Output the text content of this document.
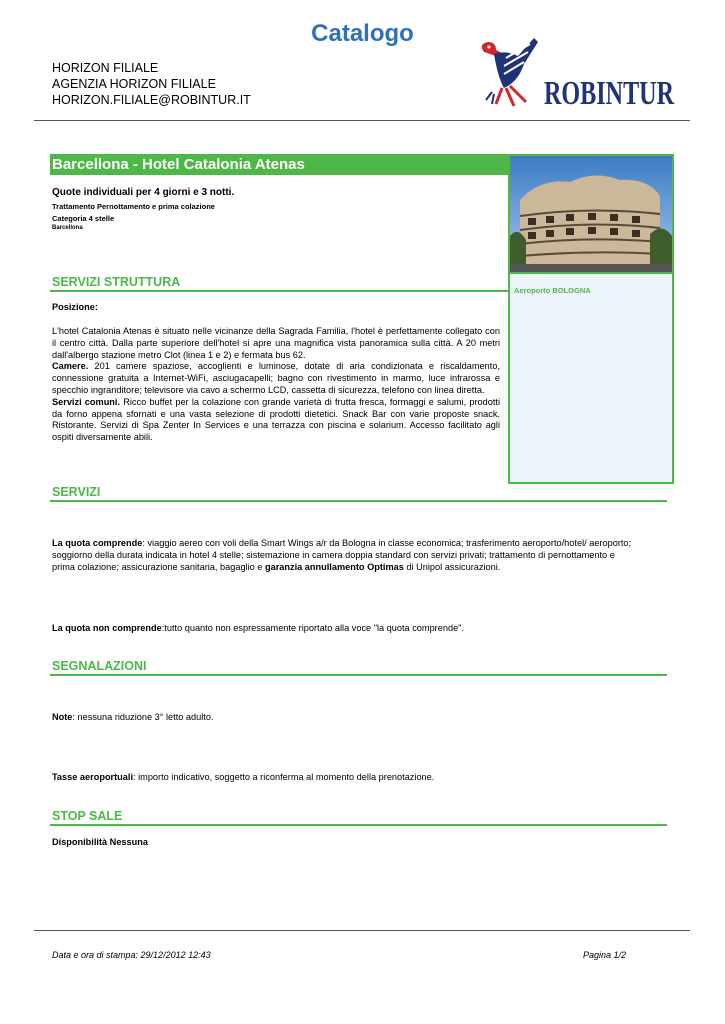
Catalogo
HORIZON FILIALE
AGENZIA HORIZON FILIALE
HORIZON.FILIALE@ROBINTUR.IT	ROBINTUR
Barcellona - Hotel Catalonia Atenas
Aeroporto BOLOGNA
Quote individuali per 4 giorni e 3 notti.
Trattamento Pernottamento e prima colazione
Categoria 4 stelle
Barcellona
SERVIZI STRUTTURA
Posizione:
L'hotel Catalonia Atenas è situato nelle vicinanze della Sagrada Familia, l'hotel è perfettamente collegato con il centro città. Dalla parte superiore dell'hotel si apre una magnifica vista panoramica sulla città. A 20 metri dall'albergo stazione metro Clot (linea 1 e 2) e fermata bus 62.
Camere. 201 camere spaziose, accoglienti e luminose, dotate di aria condizionata e riscaldamento, connessione gratuita a Internet-WiFi, asciugacapelli; bagno con rivestimento in marmo, luce infrarossa e specchio ingranditore; televisore via cavo a schermo LCD, cassetta di sicurezza, telefono con linea diretta.
Servizi comuni. Ricco buffet per la colazione con grande varietà di frutta fresca, formaggi e salumi, prodotti da forno appena sfornati e una vasta selezione di prodotti dietetici. Snack Bar con varie proposte snack. Ristorante. Servizi di Spa Zenter In Services e una terrazza con piscina e solarium. Accesso facilitato agli ospiti diversamente abili.
SERVIZI
La quota comprende: viaggio aereo con voli della Smart Wings a/r da Bologna in classe economica; trasferimento aeroporto/hotel/ aeroporto; soggiorno della durata indicata in hotel 4 stelle; sistemazione in camera doppia standard con servizi privati; trattamento di pernottamento e prima colazione; assicurazione sanitaria, bagaglio e garanzia annullamento Optimas di Unipol assicurazioni.
La quota non comprende:tutto quanto non espressamente riportato alla voce "la quota comprende".
SEGNALAZIONI
Note: nessuna riduzione 3° letto adulto.
Tasse aeroportuali: importo indicativo, soggetto a riconferma al momento della prenotazione.
STOP SALE
Disponibilità Nessuna
Data e ora di stampa: 29/12/2012 12:43	Pagina 1/2
